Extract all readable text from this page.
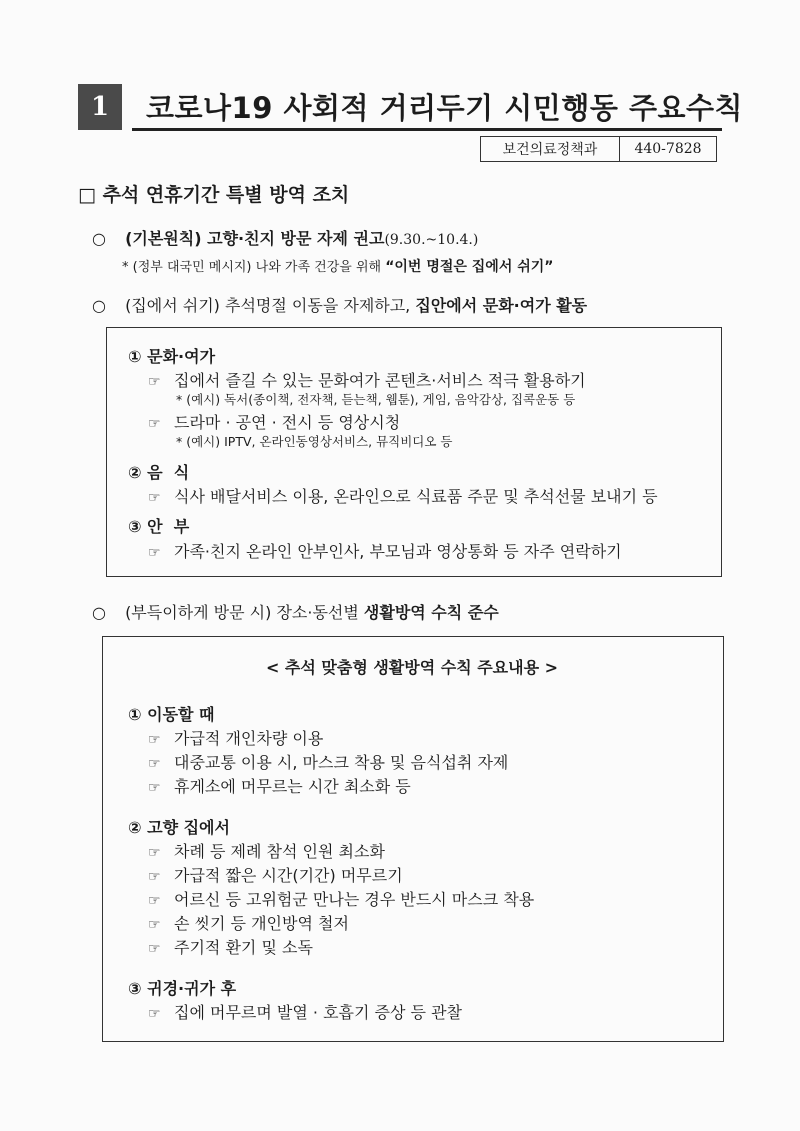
1	코로나19 사회적 거리두기 시민행동 주요수칙
보건의료정책과	440-7828
□ 추석 연휴기간 특별 방역 조치
○ (기본원칙) 고향·친지 방문 자제 권고(9.30.~10.4.)
* (정부 대국민 메시지) 나와 가족 건강을 위해 “이번 명절은 집에서 쉬기”
○ (집에서 쉬기) 추석명절 이동을 자제하고, 집안에서 문화·여가 활동
① 문화·여가
☞ 집에서 즐길 수 있는 문화여가 콘텐츠·서비스 적극 활용하기
* (예시) 독서(종이책, 전자책, 듣는책, 웹툰), 게임, 음악감상, 집콕운동 등
☞ 드라마 · 공연 · 전시 등 영상시청
* (예시) IPTV, 온라인동영상서비스, 뮤직비디오 등
② 음  식
☞ 식사 배달서비스 이용, 온라인으로 식료품 주문 및 추석선물 보내기 등
③ 안  부
☞ 가족·친지 온라인 안부인사, 부모님과 영상통화 등 자주 연락하기
○ (부득이하게 방문 시) 장소·동선별 생활방역 수칙 준수
< 추석 맞춤형 생활방역 수칙 주요내용 >
① 이동할 때
☞ 가급적 개인차량 이용
☞ 대중교통 이용 시, 마스크 착용 및 음식섭취 자제
☞ 휴게소에 머무르는 시간 최소화 등
② 고향 집에서
☞ 차례 등 제례 참석 인원 최소화
☞ 가급적 짧은 시간(기간) 머무르기
☞ 어르신 등 고위험군 만나는 경우 반드시 마스크 착용
☞ 손 씻기 등 개인방역 철저
☞ 주기적 환기 및 소독
③ 귀경·귀가 후
☞ 집에 머무르며 발열 · 호흡기 증상 등 관찰
